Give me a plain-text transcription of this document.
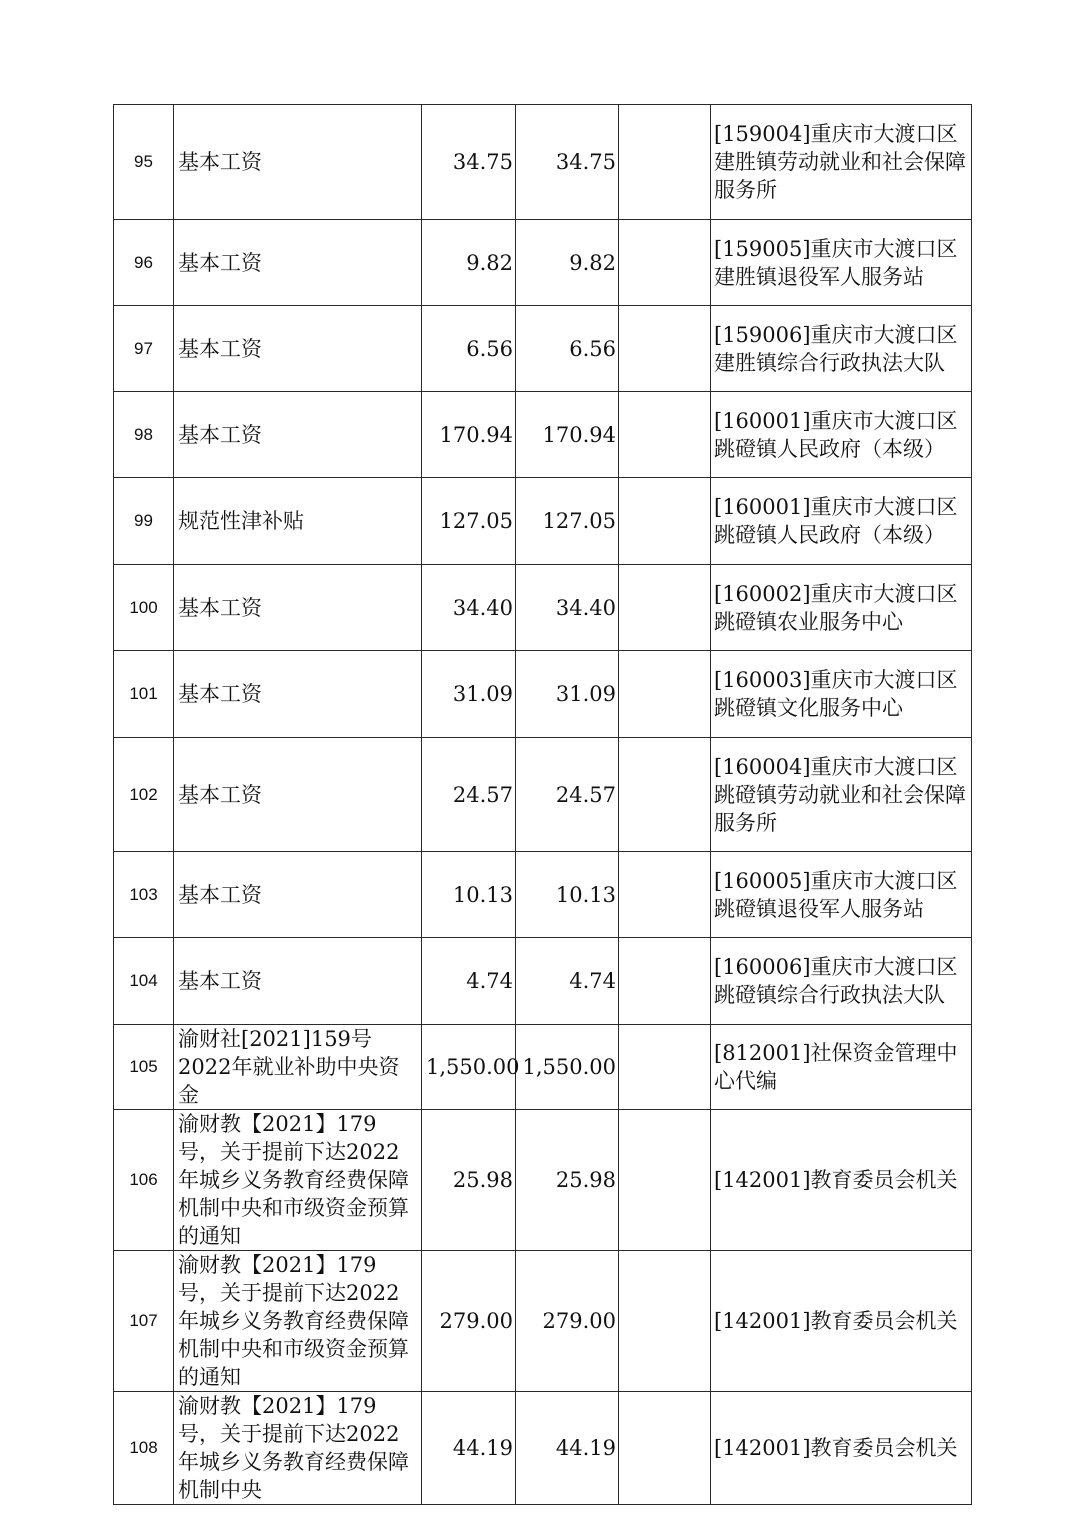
95	基本工资	34.75	34.75		[159004]重庆市大渡口区建胜镇劳动就业和社会保障服务所
96	基本工资	9.82	9.82		[159005]重庆市大渡口区建胜镇退役军人服务站
97	基本工资	6.56	6.56		[159006]重庆市大渡口区建胜镇综合行政执法大队
98	基本工资	170.94	170.94		[160001]重庆市大渡口区跳磴镇人民政府（本级）
99	规范性津补贴	127.05	127.05		[160001]重庆市大渡口区跳磴镇人民政府（本级）
100	基本工资	34.40	34.40		[160002]重庆市大渡口区跳磴镇农业服务中心
101	基本工资	31.09	31.09		[160003]重庆市大渡口区跳磴镇文化服务中心
102	基本工资	24.57	24.57		[160004]重庆市大渡口区跳磴镇劳动就业和社会保障服务所
103	基本工资	10.13	10.13		[160005]重庆市大渡口区跳磴镇退役军人服务站
104	基本工资	4.74	4.74		[160006]重庆市大渡口区跳磴镇综合行政执法大队
105	渝财社[2021]159号2022年就业补助中央资金	1,550.00	1,550.00		[812001]社保资金管理中心代编
106	渝财教【2021】179号，关于提前下达2022年城乡义务教育经费保障机制中央和市级资金预算的通知	25.98	25.98		[142001]教育委员会机关
107	渝财教【2021】179号，关于提前下达2022年城乡义务教育经费保障机制中央和市级资金预算的通知	279.00	279.00		[142001]教育委员会机关
108	渝财教【2021】179号，关于提前下达2022年城乡义务教育经费保障机制中央	44.19	44.19		[142001]教育委员会机关
